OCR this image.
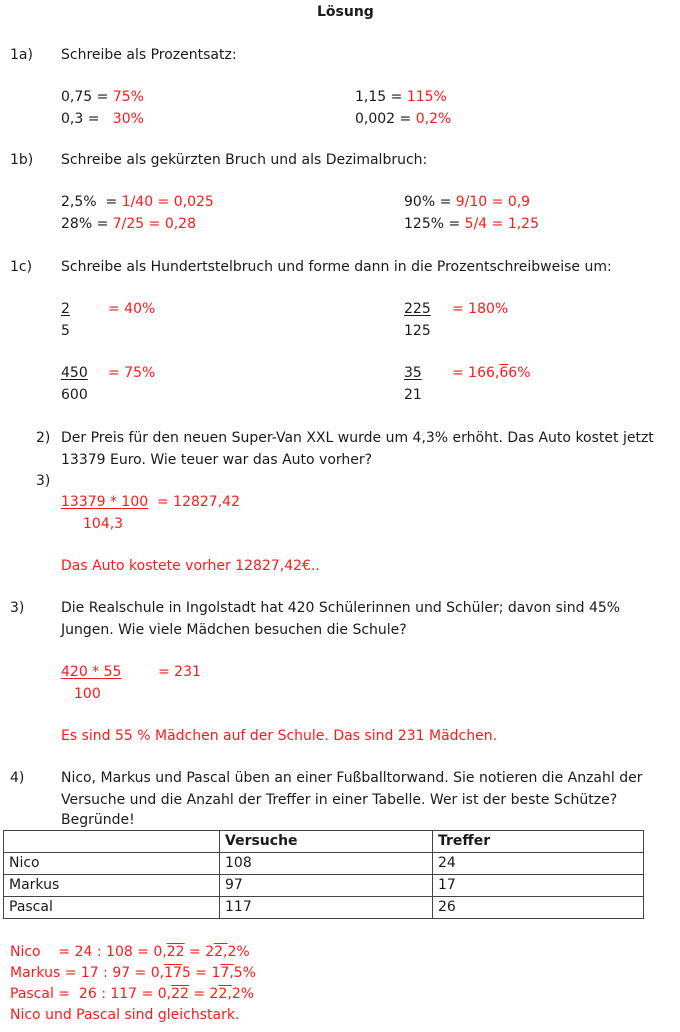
Lösung
1a) Schreibe als Prozentsatz:
0,75 = 75%
0,3 =   30%
1,15 = 115%
0,002 = 0,2%
1b) Schreibe als gekürzten Bruch und als Dezimalbruch:
2,5%  = 1/40 = 0,025
28% = 7/25 = 0,28
90% = 9/10 = 0,9
125% = 5/4 = 1,25
1c) Schreibe als Hundertstelbruch und forme dann in die Prozentschreibweise um:
2
5
= 40%
450
600
= 75%
225
125
= 180%
35
21
= 166,66%
2) Der Preis für den neuen Super-Van XXL wurde um 4,3% erhöht. Das Auto kostet jetzt
13379 Euro. Wie teuer war das Auto vorher?
3)
13379 * 100 = 12827,42
104,3
Das Auto kostete vorher 12827,42€..
3)	Die Realschule in Ingolstadt hat 420 Schülerinnen und Schüler; davon sind 45%
Jungen. Wie viele Mädchen besuchen die Schule?
420 * 55	= 231
100
Es sind 55 % Mädchen auf der Schule. Das sind 231 Mädchen.
4)	Nico, Markus und Pascal üben an einer Fußballtorwand. Sie notieren die Anzahl der
Versuche und die Anzahl der Treffer in einer Tabelle. Wer ist der beste Schütze?
Begründe!
	Versuche	Treffer
Nico	108	24
Markus	97	17
Pascal	117	26
Nico    = 24 : 108 = 0,22 = 22,2%
Markus = 17 : 97 = 0,175 = 17,5%
Pascal =  26 : 117 = 0,22 = 22,2%
Nico und Pascal sind gleichstark.
